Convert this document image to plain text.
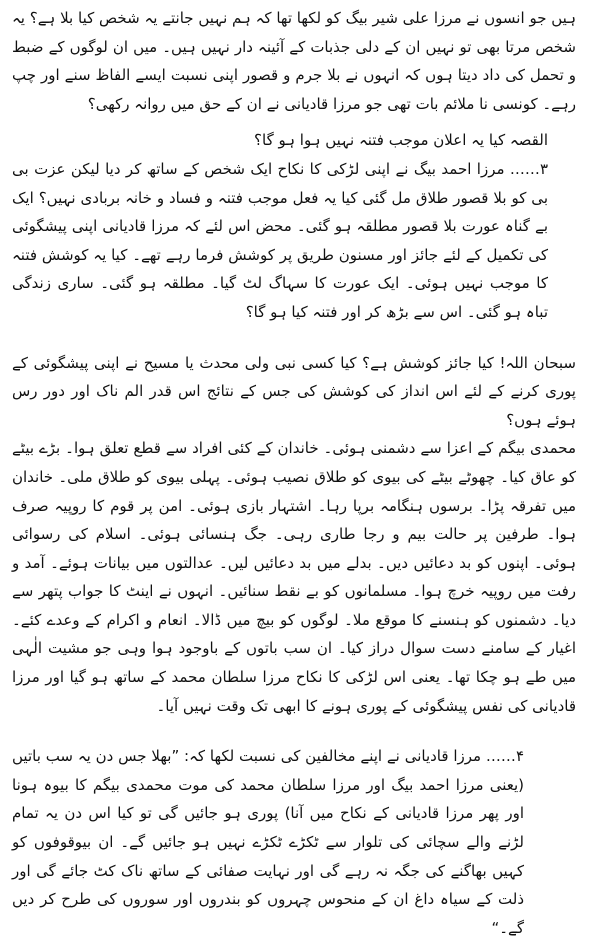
ہیں جو انسوں نے مرزا علی شیر بیگ کو لکھا تھا کہ ہم نہیں جانتے یہ شخص کیا بلا ہے؟ یہ شخص مرتا بھی تو نہیں ان کے دلی جذبات کے آئینہ دار نہیں ہیں۔ میں ان لوگوں کے ضبط و تحمل کی داد دیتا ہوں کہ انہوں نے بلا جرم و قصور اپنی نسبت ایسے الفاظ سنے اور چپ رہے۔ کونسی نا ملائم بات تھی جو مرزا قادیانی نے ان کے حق میں روانہ رکھی؟

القصہ کیا یہ اعلان موجب فتنہ نہیں ہوا ہو گا؟

۳…… مرزا احمد بیگ نے اپنی لڑکی کا نکاح ایک شخص کے ساتھ کر دیا لیکن عزت بی بی کو بلا قصور طلاق مل گئی کیا یہ فعل موجب فتنہ و فساد و خانہ بربادی نہیں؟ ایک بے گناہ عورت بلا قصور مطلقہ ہو گئی۔ محض اس لئے کہ مرزا قادیانی اپنی پیشگوئی کی تکمیل کے لئے جائز اور مسنون طریق پر کوشش فرما رہے تھے۔ کیا یہ کوشش فتنہ کا موجب نہیں ہوئی۔ ایک عورت کا سہاگ لٹ گیا۔ مطلقہ ہو گئی۔ ساری زندگی تباہ ہو گئی۔ اس سے بڑھ کر اور فتنہ کیا ہو گا؟

سبحان اللہ! کیا جائز کوشش ہے؟ کیا کسی نبی ولی محدث یا مسیح نے اپنی پیشگوئی کے پوری کرنے کے لئے اس انداز کی کوشش کی جس کے نتائج اس قدر الم ناک اور دور رس ہوئے ہوں؟

محمدی بیگم کے اعزا سے دشمنی ہوئی۔ خاندان کے کئی افراد سے قطع تعلق ہوا۔ بڑے بیٹے کو عاق کیا۔ چھوٹے بیٹے کی بیوی کو طلاق نصیب ہوئی۔ پہلی بیوی کو طلاق ملی۔ خاندان میں تفرقہ پڑا۔ برسوں ہنگامہ برپا رہا۔ اشتہار بازی ہوئی۔ امن پر قوم کا روپیہ صرف ہوا۔ طرفین پر حالت بیم و رجا طاری رہی۔ جگ ہنسائی ہوئی۔ اسلام کی رسوائی ہوئی۔ اپنوں کو بد دعائیں دیں۔ بدلے میں بد دعائیں لیں۔ عدالتوں میں بیانات ہوئے۔ آمد و رفت میں روپیہ خرچ ہوا۔ مسلمانوں کو بے نقط سنائیں۔ انہوں نے اینٹ کا جواب پتھر سے دیا۔ دشمنوں کو ہنسنے کا موقع ملا۔ لوگوں کو بیچ میں ڈالا۔ انعام و اکرام کے وعدے کئے۔ اغیار کے سامنے دست سوال دراز کیا۔ ان سب باتوں کے باوجود ہوا وہی جو مشیت الٰہی میں طے ہو چکا تھا۔ یعنی اس لڑکی کا نکاح مرزا سلطان محمد کے ساتھ ہو گیا اور مرزا قادیانی کی نفس پیشگوئی کے پوری ہونے کا ابھی تک وقت نہیں آیا۔

۴…… مرزا قادیانی نے اپنے مخالفین کی نسبت لکھا کہ: ”بھلا جس دن یہ سب باتیں (یعنی مرزا احمد بیگ اور مرزا سلطان محمد کی موت محمدی بیگم کا بیوہ ہونا اور پھر مرزا قادیانی کے نکاح میں آنا) پوری ہو جائیں گی تو کیا اس دن یہ تمام لڑنے والے سچائی کی تلوار سے ٹکڑے ٹکڑے نہیں ہو جائیں گے۔ ان بیوقوفوں کو کہیں بھاگنے کی جگہ نہ رہے گی اور نہایت صفائی کے ساتھ ناک کٹ جائے گی اور ذلت کے سیاہ داغ ان کے منحوس چہروں کو بندروں اور سوروں کی طرح کر دیں گے۔“
